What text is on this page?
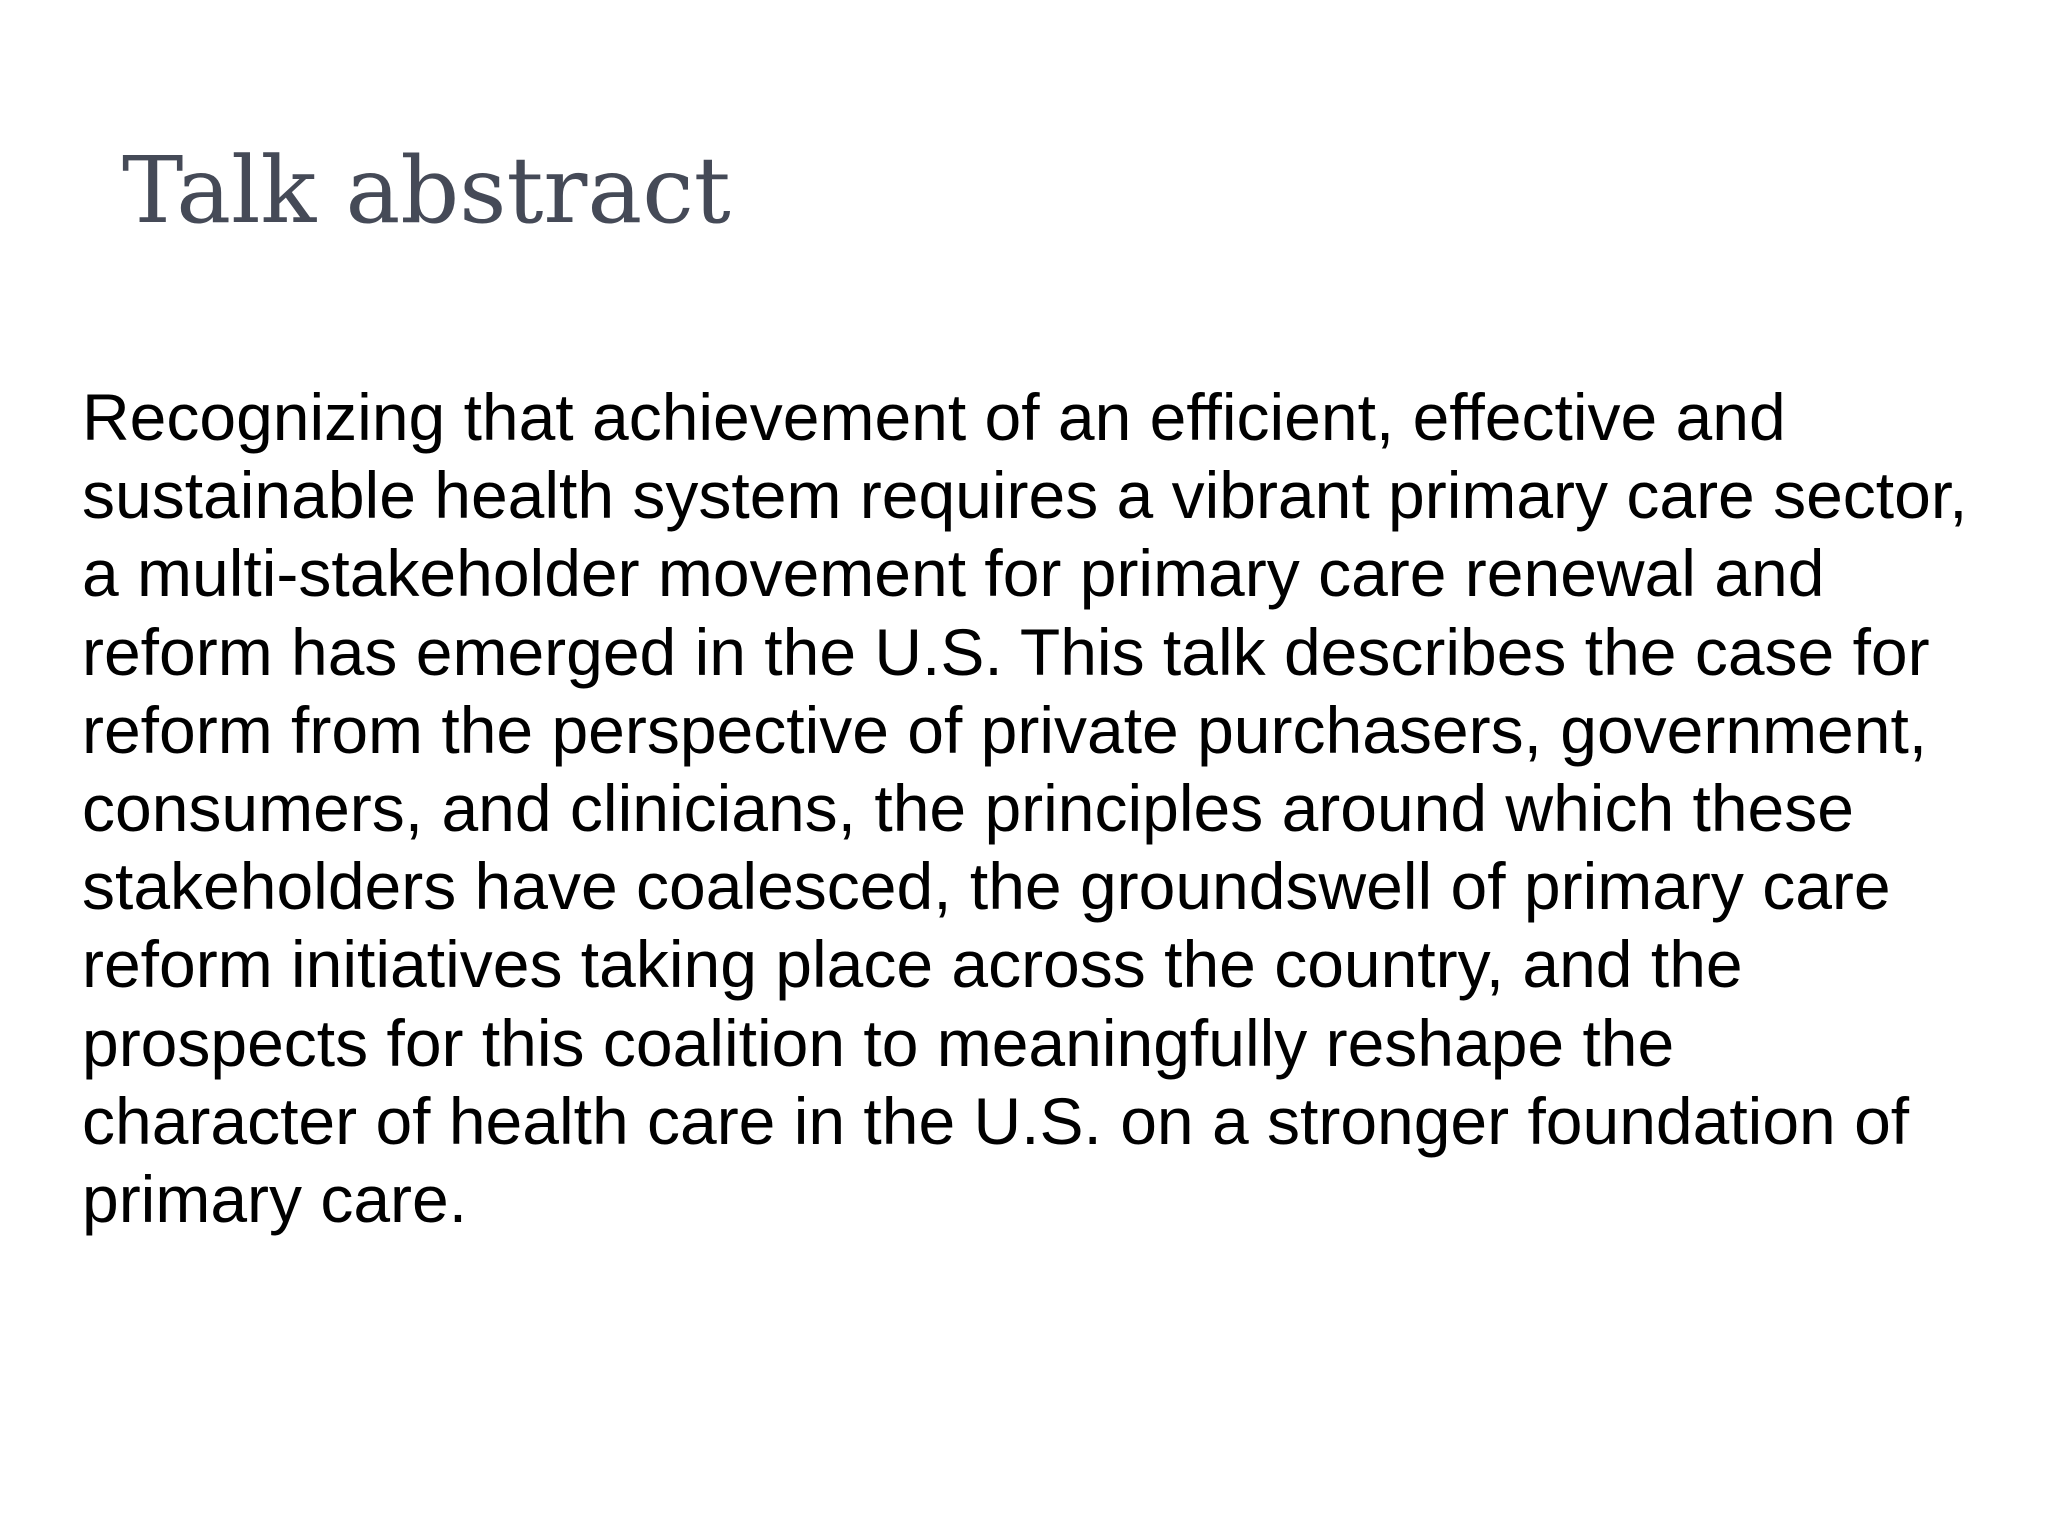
Talk abstract
Recognizing that achievement of an efficient, effective and
sustainable health system requires a vibrant primary care sector,
a multi-stakeholder movement for primary care renewal and
reform has emerged in the U.S. This talk describes the case for
reform from the perspective of private purchasers, government,
consumers, and clinicians, the principles around which these
stakeholders have coalesced, the groundswell of primary care
reform initiatives taking place across the country, and the
prospects for this coalition to meaningfully reshape the
character of health care in the U.S. on a stronger foundation of
primary care.
